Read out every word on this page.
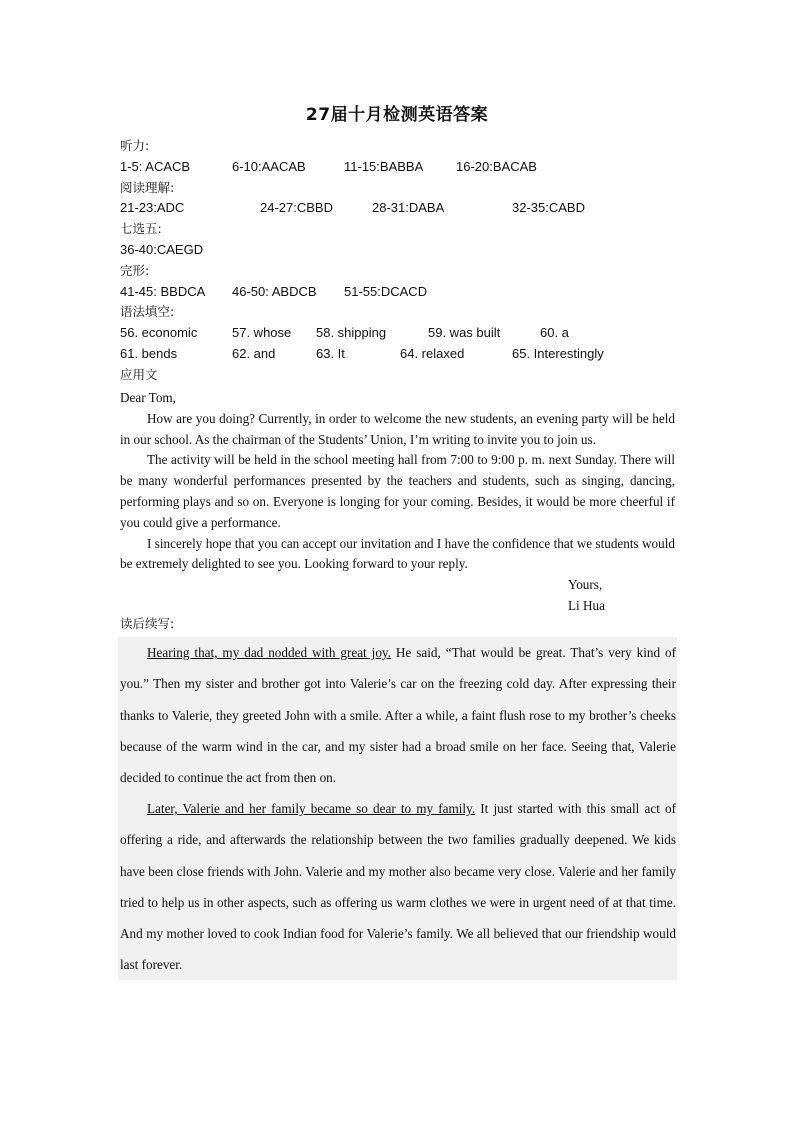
27届十月检测英语答案
听力:
1-5: ACACB	6-10:AACAB	11-15:BABBA	16-20:BACAB
阅读理解:
21-23:ADC	24-27:CBBD	28-31:DABA	32-35:CABD
七选五:
36-40:CAEGD
完形:
41-45: BBDCA 46-50: ABDCB 51-55:DCACD
语法填空:
56. economic	57. whose 58. shipping	59. was built	60. a
61. bends	62. and	63. It	64. relaxed	65. Interestingly
应用文

Dear Tom,

How are you doing? Currently, in order to welcome the new students, an evening party will be held in our school. As the chairman of the Students’ Union, I’m writing to invite you to join us.

The activity will be held in the school meeting hall from 7:00 to 9:00 p. m. next Sunday. There will be many wonderful performances presented by the teachers and students, such as singing, dancing, performing plays and so on. Everyone is longing for your coming. Besides, it would be more cheerful if you could give a performance.

I sincerely hope that you can accept our invitation and I have the confidence that we students would be extremely delighted to see you. Looking forward to your reply.

Yours,
Li Hua
读后续写:

Hearing that, my dad nodded with great joy. He said, “That would be great. That’s very kind of you.” Then my sister and brother got into Valerie’s car on the freezing cold day. After expressing their thanks to Valerie, they greeted John with a smile. After a while, a faint flush rose to my brother’s cheeks because of the warm wind in the car, and my sister had a broad smile on her face. Seeing that, Valerie decided to continue the act from then on.

Later, Valerie and her family became so dear to my family. It just started with this small act of offering a ride, and afterwards the relationship between the two families gradually deepened. We kids have been close friends with John. Valerie and my mother also became very close. Valerie and her family tried to help us in other aspects, such as offering us warm clothes we were in urgent need of at that time. And my mother loved to cook Indian food for Valerie’s family. We all believed that our friendship would last forever.
